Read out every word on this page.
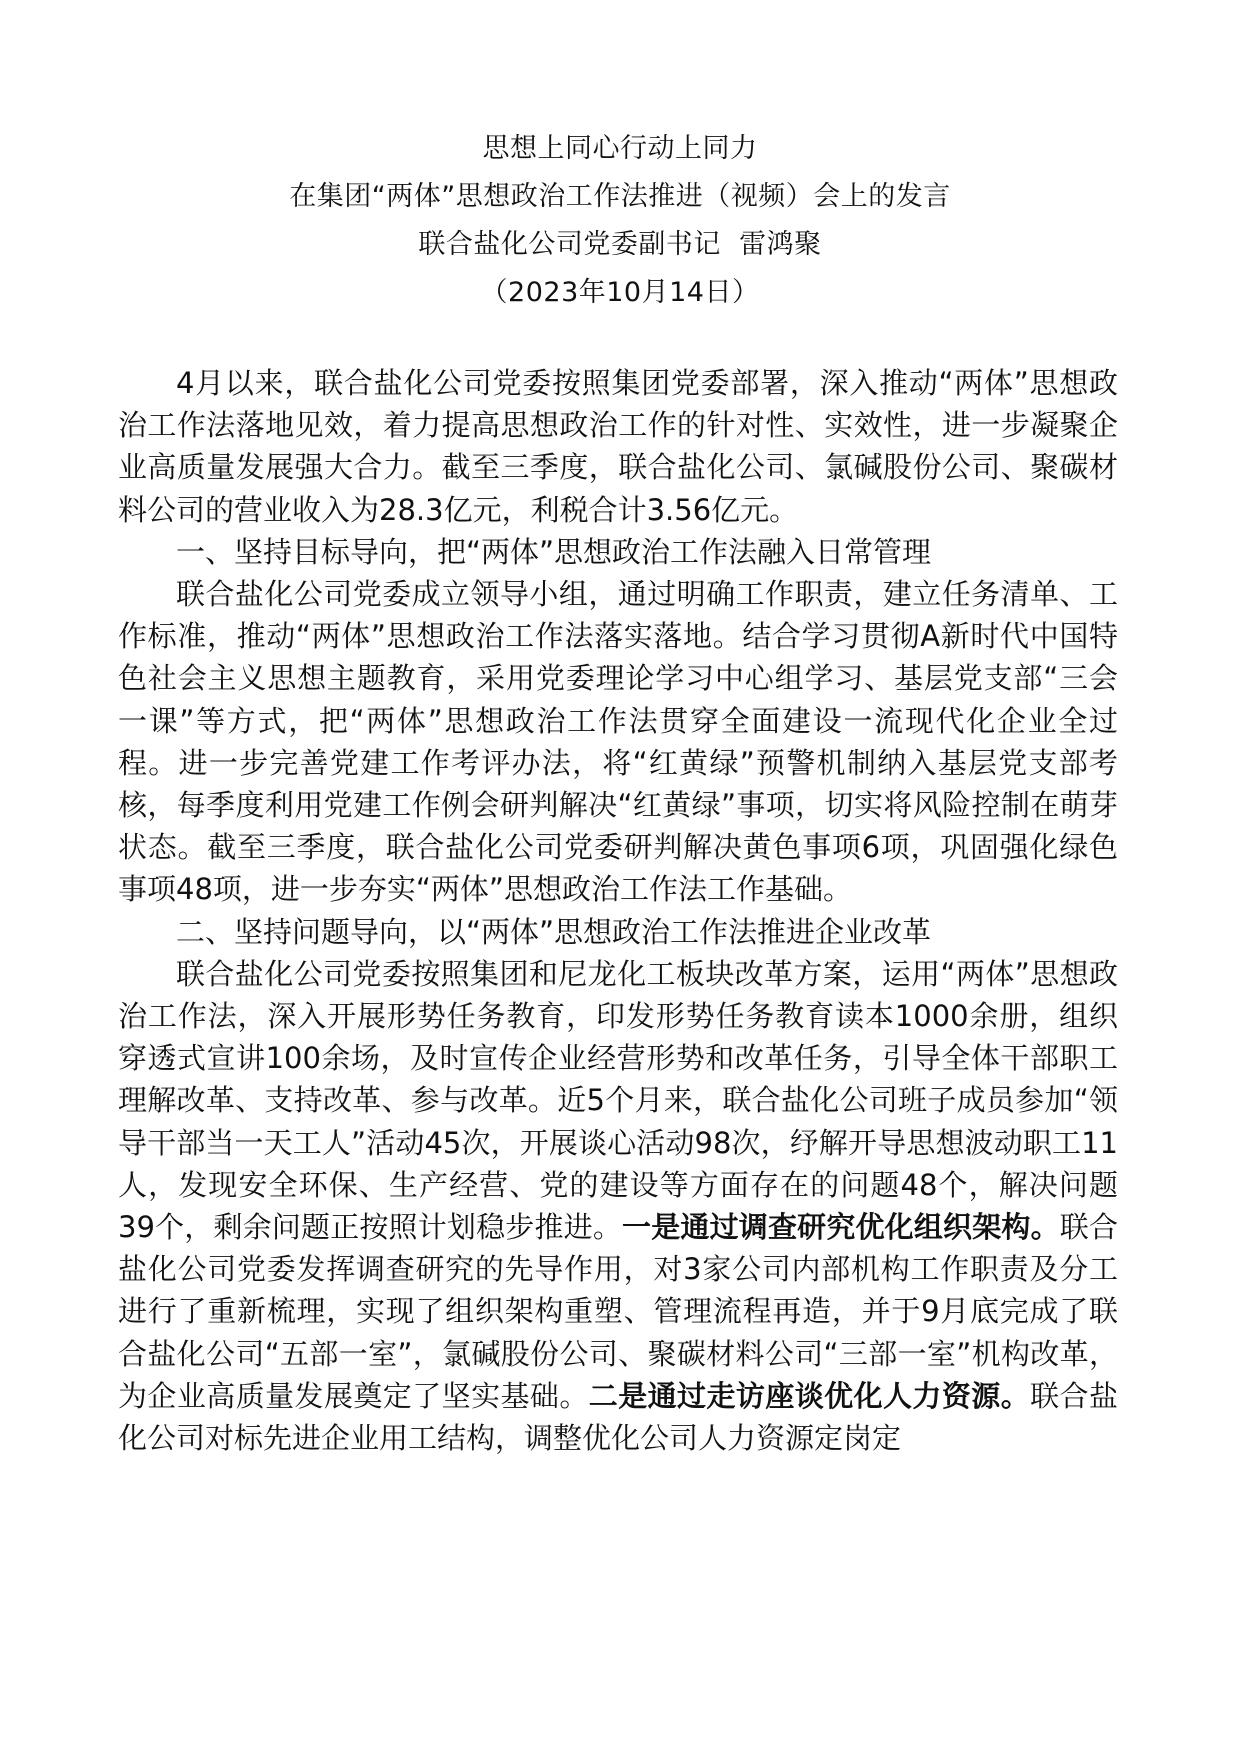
思想上同心行动上同力
在集团“两体”思想政治工作法推进（视频）会上的发言
联合盐化公司党委副书记  雷鸿聚
（2023年10月14日）

4月以来，联合盐化公司党委按照集团党委部署，深入推动“两体”思想政治工作法落地见效，着力提高思想政治工作的针对性、实效性，进一步凝聚企业高质量发展强大合力。截至三季度，联合盐化公司、氯碱股份公司、聚碳材料公司的营业收入为28.3亿元，利税合计3.56亿元。

一、坚持目标导向，把“两体”思想政治工作法融入日常管理

联合盐化公司党委成立领导小组，通过明确工作职责，建立任务清单、工作标准，推动“两体”思想政治工作法落实落地。结合学习贯彻A新时代中国特色社会主义思想主题教育，采用党委理论学习中心组学习、基层党支部“三会一课”等方式，把“两体”思想政治工作法贯穿全面建设一流现代化企业全过程。进一步完善党建工作考评办法，将“红黄绿”预警机制纳入基层党支部考核，每季度利用党建工作例会研判解决“红黄绿”事项，切实将风险控制在萌芽状态。截至三季度，联合盐化公司党委研判解决黄色事项6项，巩固强化绿色事项48项，进一步夯实“两体”思想政治工作法工作基础。

二、坚持问题导向，以“两体”思想政治工作法推进企业改革

联合盐化公司党委按照集团和尼龙化工板块改革方案，运用“两体”思想政治工作法，深入开展形势任务教育，印发形势任务教育读本1000余册，组织穿透式宣讲100余场，及时宣传企业经营形势和改革任务，引导全体干部职工理解改革、支持改革、参与改革。近5个月来，联合盐化公司班子成员参加“领导干部当一天工人”活动45次，开展谈心活动98次，纾解开导思想波动职工11人，发现安全环保、生产经营、党的建设等方面存在的问题48个，解决问题39个，剩余问题正按照计划稳步推进。一是通过调查研究优化组织架构。联合盐化公司党委发挥调查研究的先导作用，对3家公司内部机构工作职责及分工进行了重新梳理，实现了组织架构重塑、管理流程再造，并于9月底完成了联合盐化公司“五部一室”，氯碱股份公司、聚碳材料公司“三部一室”机构改革，为企业高质量发展奠定了坚实基础。二是通过走访座谈优化人力资源。联合盐化公司对标先进企业用工结构，调整优化公司人力资源定岗定
